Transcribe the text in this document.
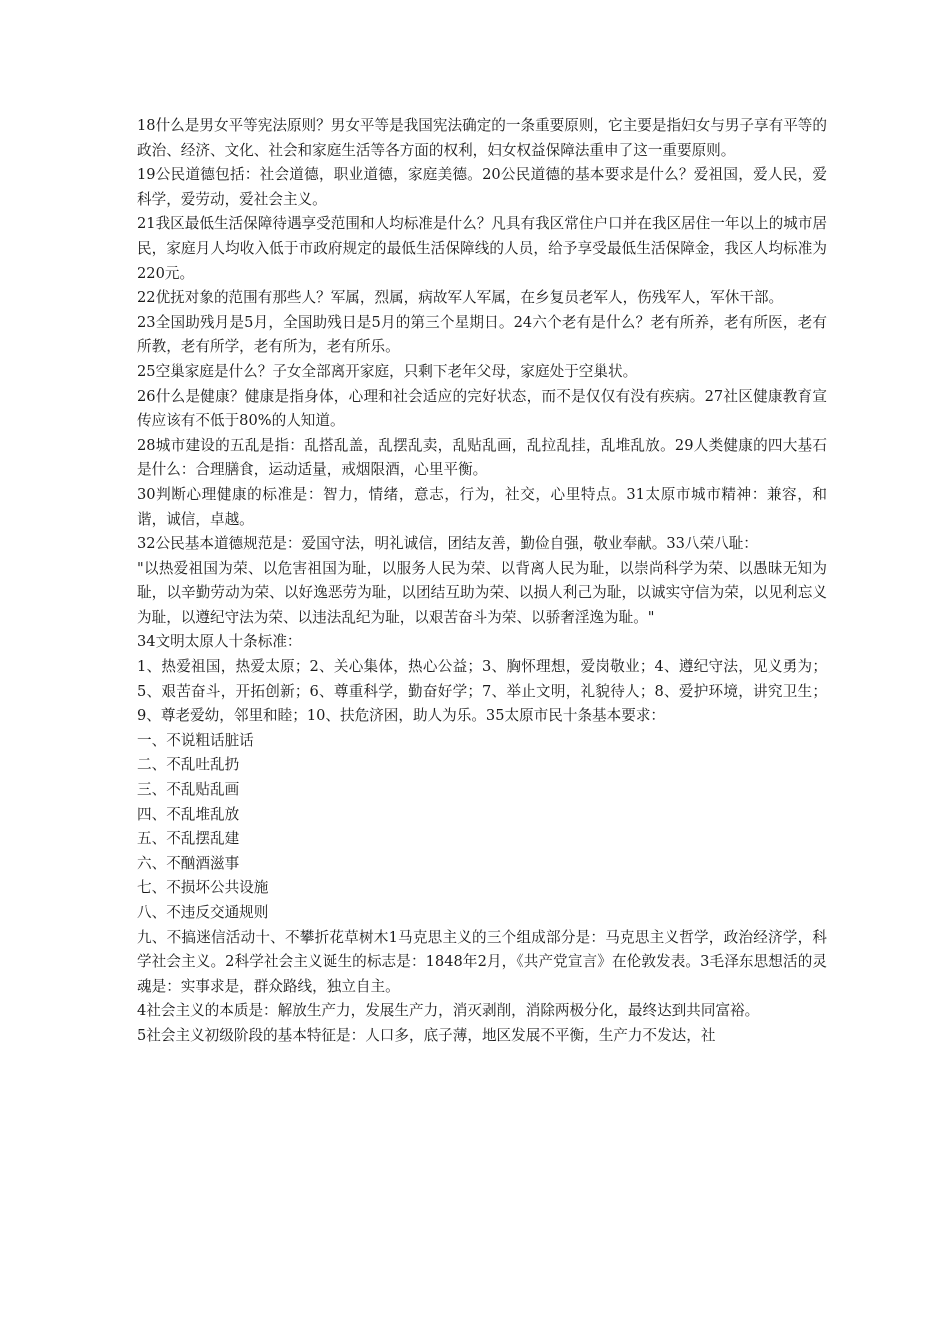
18什么是男女平等宪法原则？男女平等是我国宪法确定的一条重要原则，它主要是指妇女与男子享有平等的政治、经济、文化、社会和家庭生活等各方面的权利，妇女权益保障法重申了这一重要原则。

19公民道德包括：社会道德，职业道德，家庭美德。20公民道德的基本要求是什么？爱祖国，爱人民，爱科学，爱劳动，爱社会主义。

21我区最低生活保障待遇享受范围和人均标准是什么？凡具有我区常住户口并在我区居住一年以上的城市居民，家庭月人均收入低于市政府规定的最低生活保障线的人员，给予享受最低生活保障金，我区人均标准为220元。

22优抚对象的范围有那些人？军属，烈属，病故军人军属，在乡复员老军人，伤残军人，军休干部。

23全国助残月是5月，全国助残日是5月的第三个星期日。24六个老有是什么？老有所养，老有所医，老有所教，老有所学，老有所为，老有所乐。

25空巢家庭是什么？子女全部离开家庭，只剩下老年父母，家庭处于空巢状。

26什么是健康？健康是指身体，心理和社会适应的完好状态，而不是仅仅有没有疾病。27社区健康教育宣传应该有不低于80%的人知道。

28城市建设的五乱是指：乱搭乱盖，乱摆乱卖，乱贴乱画，乱拉乱挂，乱堆乱放。29人类健康的四大基石是什么：合理膳食，运动适量，戒烟限酒，心里平衡。

30判断心理健康的标准是：智力，情绪，意志，行为，社交，心里特点。31太原市城市精神：兼容，和谐，诚信，卓越。

32公民基本道德规范是：爱国守法，明礼诚信，团结友善，勤俭自强，敬业奉献。33八荣八耻：

"以热爱祖国为荣、以危害祖国为耻，以服务人民为荣、以背离人民为耻，以崇尚科学为荣、以愚昧无知为耻，以辛勤劳动为荣、以好逸恶劳为耻，以团结互助为荣、以损人利己为耻，以诚实守信为荣，以见利忘义为耻，以遵纪守法为荣、以违法乱纪为耻，以艰苦奋斗为荣、以骄奢淫逸为耻。"

34文明太原人十条标准：

1、热爱祖国，热爱太原；2、关心集体，热心公益；3、胸怀理想，爱岗敬业；4、遵纪守法，见义勇为；5、艰苦奋斗，开拓创新；6、尊重科学，勤奋好学；7、举止文明，礼貌待人；8、爱护环境，讲究卫生；9、尊老爱幼，邻里和睦；10、扶危济困，助人为乐。35太原市民十条基本要求：

一、不说粗话脏话

二、不乱吐乱扔

三、不乱贴乱画

四、不乱堆乱放

五、不乱摆乱建

六、不酗酒滋事

七、不损坏公共设施

八、不违反交通规则

九、不搞迷信活动十、不攀折花草树木1马克思主义的三个组成部分是：马克思主义哲学，政治经济学，科学社会主义。2科学社会主义诞生的标志是：1848年2月，《共产党宣言》在伦敦发表。3毛泽东思想活的灵魂是：实事求是，群众路线，独立自主。

4社会主义的本质是：解放生产力，发展生产力，消灭剥削，消除两极分化，最终达到共同富裕。

5社会主义初级阶段的基本特征是：人口多，底子薄，地区发展不平衡，生产力不发达，社
